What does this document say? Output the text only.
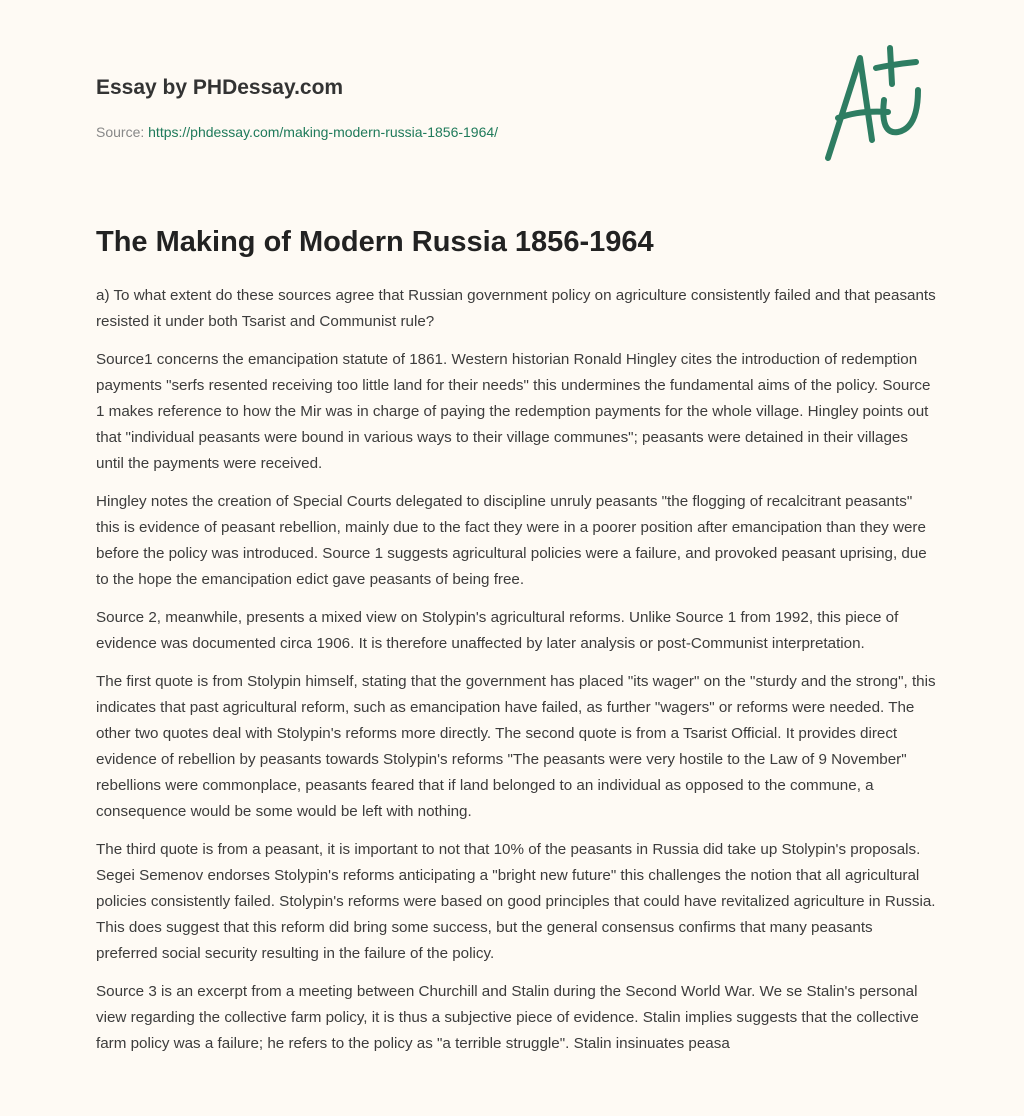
Essay by PHDessay.com
Source: https://phdessay.com/making-modern-russia-1856-1964/
The Making of Modern Russia 1856-1964

a) To what extent do these sources agree that Russian government policy on agriculture consistently failed and that peasants resisted it under both Tsarist and Communist rule?

Source1 concerns the emancipation statute of 1861. Western historian Ronald Hingley cites the introduction of redemption payments "serfs resented receiving too little land for their needs" this undermines the fundamental aims of the policy. Source 1 makes reference to how the Mir was in charge of paying the redemption payments for the whole village. Hingley points out that "individual peasants were bound in various ways to their village communes"; peasants were detained in their villages until the payments were received.

Hingley notes the creation of Special Courts delegated to discipline unruly peasants "the flogging of recalcitrant peasants" this is evidence of peasant rebellion, mainly due to the fact they were in a poorer position after emancipation than they were before the policy was introduced. Source 1 suggests agricultural policies were a failure, and provoked peasant uprising, due to the hope the emancipation edict gave peasants of being free.

Source 2, meanwhile, presents a mixed view on Stolypin's agricultural reforms. Unlike Source 1 from 1992, this piece of evidence was documented circa 1906. It is therefore unaffected by later analysis or post-Communist interpretation.

The first quote is from Stolypin himself, stating that the government has placed "its wager" on the "sturdy and the strong", this indicates that past agricultural reform, such as emancipation have failed, as further "wagers" or reforms were needed. The other two quotes deal with Stolypin's reforms more directly. The second quote is from a Tsarist Official. It provides direct evidence of rebellion by peasants towards Stolypin's reforms "The peasants were very hostile to the Law of 9 November" rebellions were commonplace, peasants feared that if land belonged to an individual as opposed to the commune, a consequence would be some would be left with nothing.

The third quote is from a peasant, it is important to not that 10% of the peasants in Russia did take up Stolypin's proposals. Segei Semenov endorses Stolypin's reforms anticipating a "bright new future" this challenges the notion that all agricultural policies consistently failed. Stolypin's reforms were based on good principles that could have revitalized agriculture in Russia. This does suggest that this reform did bring some success, but the general consensus confirms that many peasants preferred social security resulting in the failure of the policy.

Source 3 is an excerpt from a meeting between Churchill and Stalin during the Second World War. We se Stalin's personal view regarding the collective farm policy, it is thus a subjective piece of evidence. Stalin implies suggests that the collective farm policy was a failure; he refers to the policy as "a terrible struggle". Stalin insinuates peasa
